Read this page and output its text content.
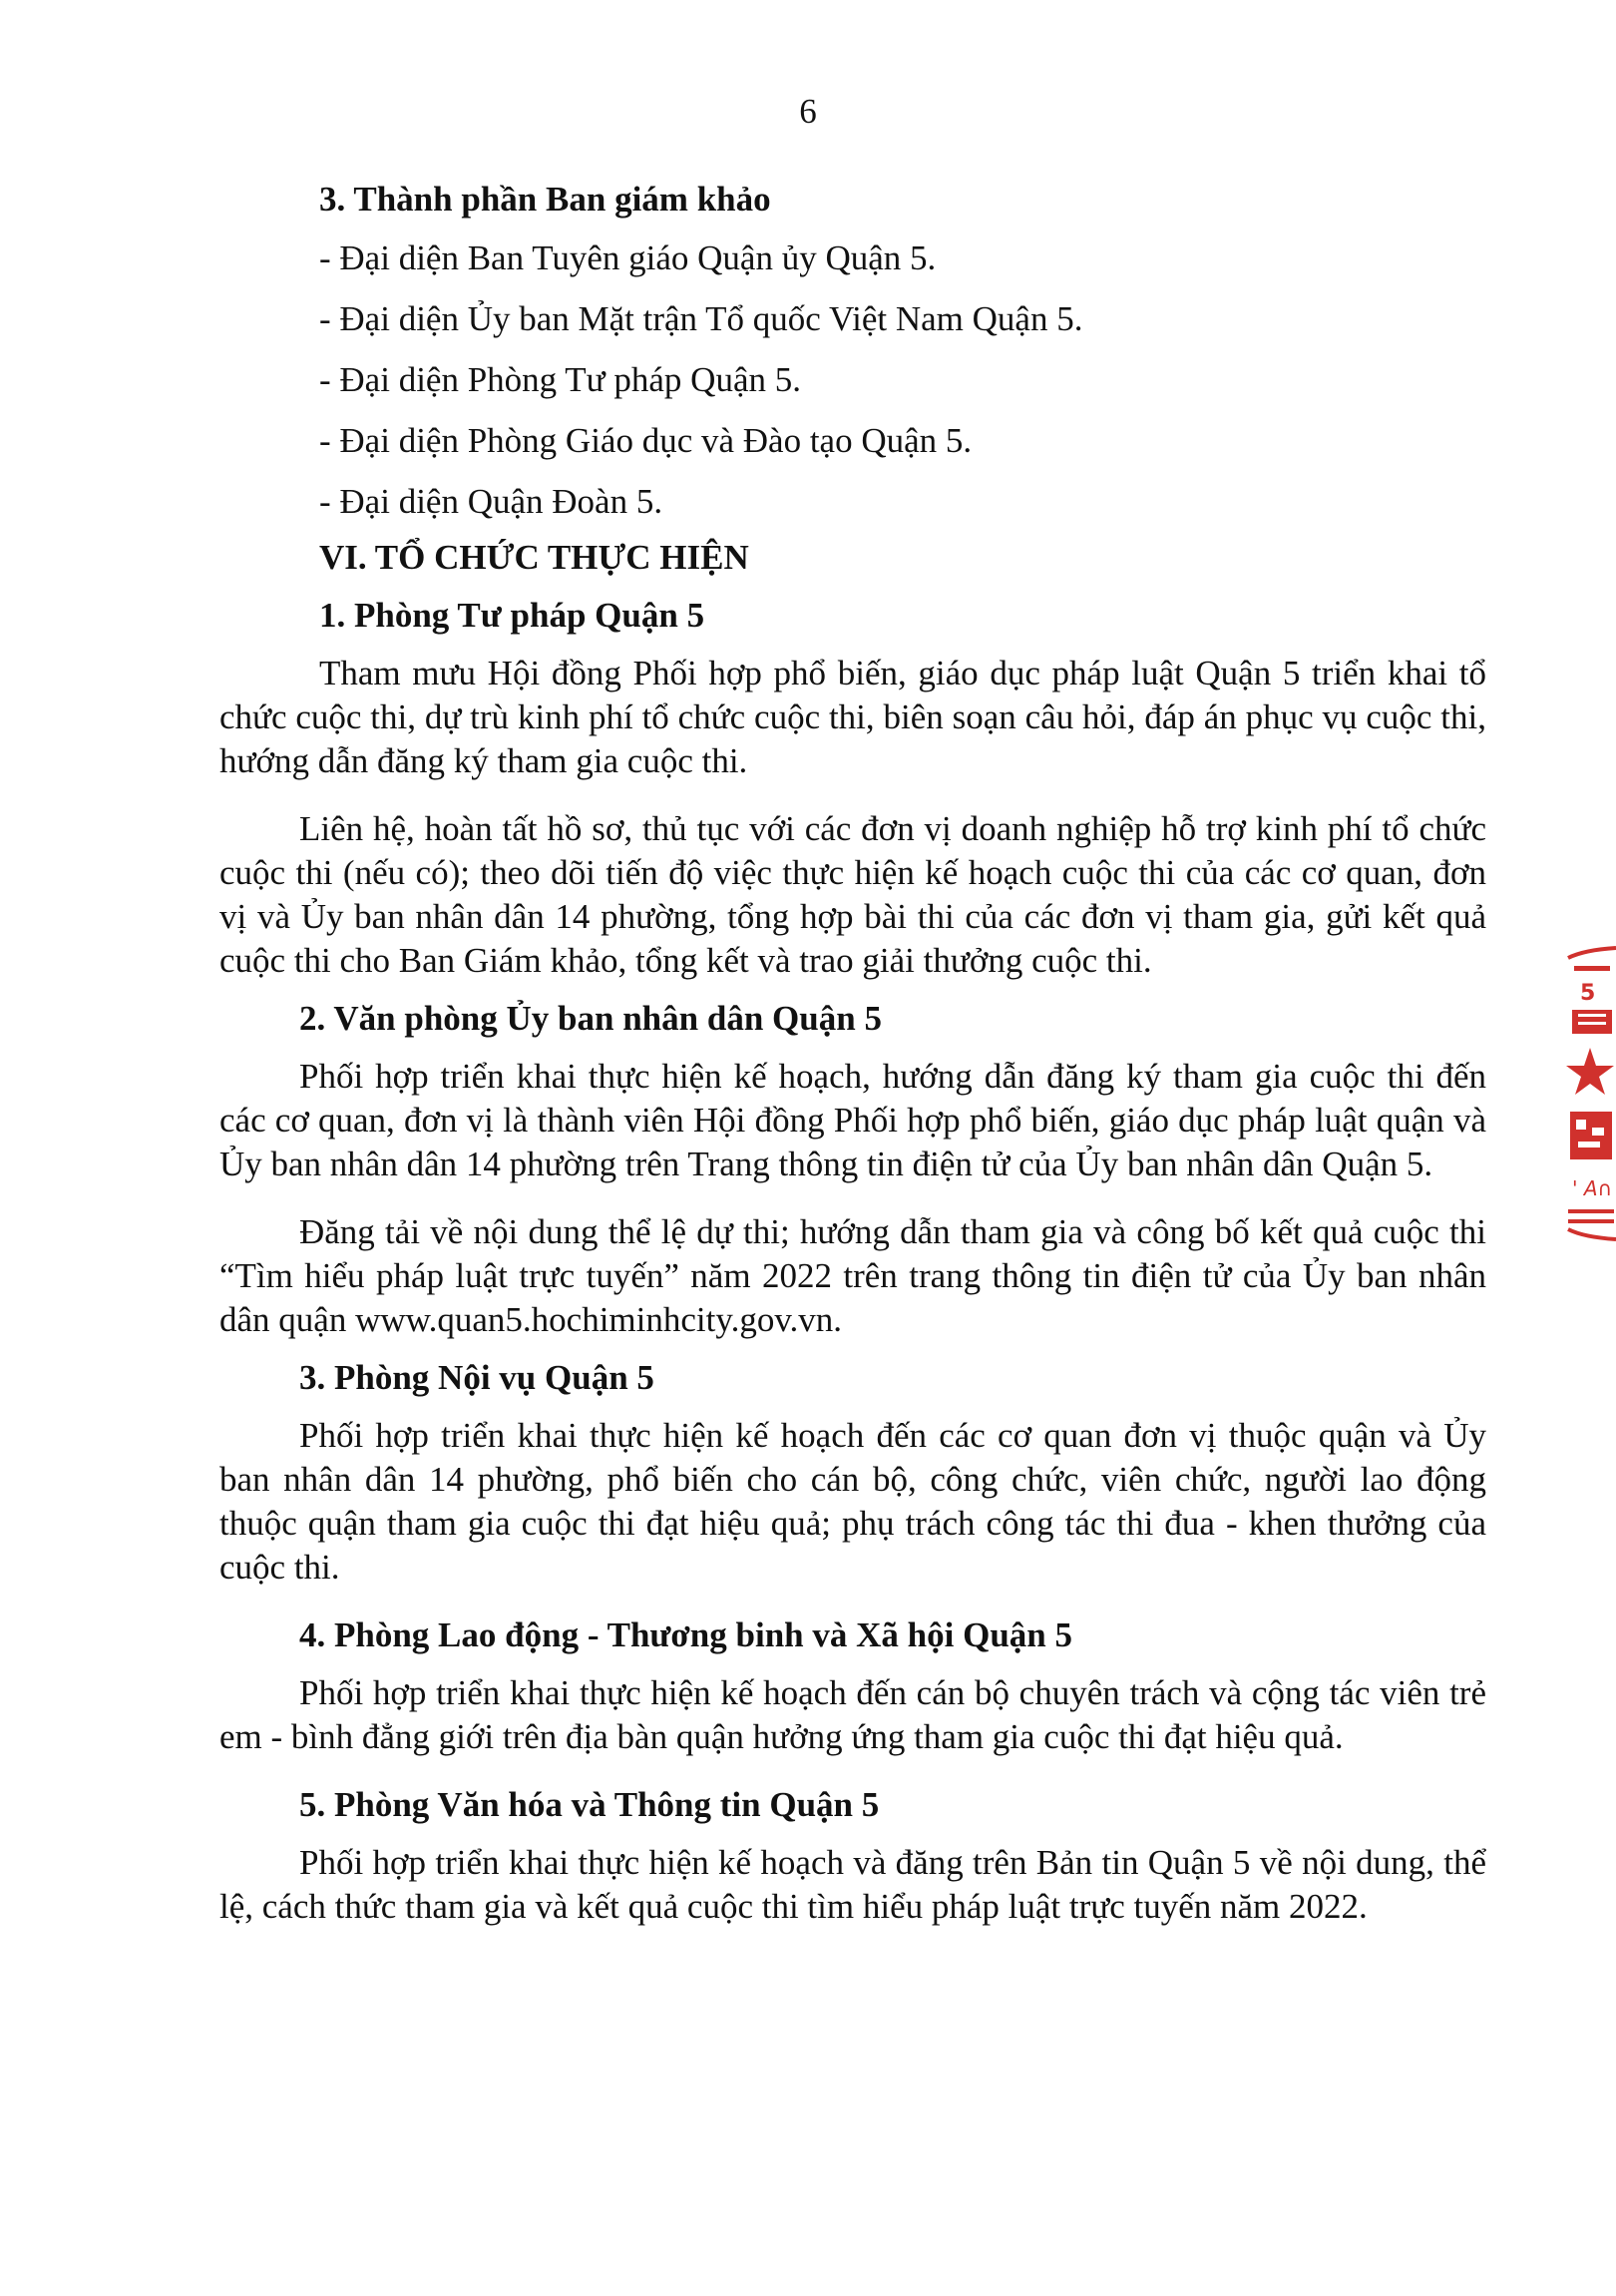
6

3. Thành phần Ban giám khảo

- Đại diện Ban Tuyên giáo Quận ủy Quận 5.

- Đại diện Ủy ban Mặt trận Tổ quốc Việt Nam Quận 5.

- Đại diện Phòng Tư pháp Quận 5.

- Đại diện Phòng Giáo dục và Đào tạo Quận 5.

- Đại diện Quận Đoàn 5.

VI. TỔ CHỨC THỰC HIỆN

1. Phòng Tư pháp Quận 5

Tham mưu Hội đồng Phối hợp phổ biến, giáo dục pháp luật Quận 5 triển khai tổ chức cuộc thi, dự trù kinh phí tổ chức cuộc thi, biên soạn câu hỏi, đáp án phục vụ cuộc thi, hướng dẫn đăng ký tham gia cuộc thi.

Liên hệ, hoàn tất hồ sơ, thủ tục với các đơn vị doanh nghiệp hỗ trợ kinh phí tổ chức cuộc thi (nếu có); theo dõi tiến độ việc thực hiện kế hoạch cuộc thi của các cơ quan, đơn vị và Ủy ban nhân dân 14 phường, tổng hợp bài thi của các đơn vị tham gia, gửi kết quả cuộc thi cho Ban Giám khảo, tổng kết và trao giải thưởng cuộc thi.

2. Văn phòng Ủy ban nhân dân Quận 5

Phối hợp triển khai thực hiện kế hoạch, hướng dẫn đăng ký tham gia cuộc thi đến các cơ quan, đơn vị là thành viên Hội đồng Phối hợp phổ biến, giáo dục pháp luật quận và Ủy ban nhân dân 14 phường trên Trang thông tin điện tử của Ủy ban nhân dân Quận 5.

Đăng tải về nội dung thể lệ dự thi; hướng dẫn tham gia và công bố kết quả cuộc thi “Tìm hiểu pháp luật trực tuyến” năm 2022 trên trang thông tin điện tử của Ủy ban nhân dân quận www.quan5.hochiminhcity.gov.vn.

3. Phòng Nội vụ Quận 5

Phối hợp triển khai thực hiện kế hoạch đến các cơ quan đơn vị thuộc quận và Ủy ban nhân dân 14 phường, phổ biến cho cán bộ, công chức, viên chức, người lao động thuộc quận tham gia cuộc thi đạt hiệu quả; phụ trách công tác thi đua - khen thưởng của cuộc thi.

4. Phòng Lao động - Thương binh và Xã hội Quận 5

Phối hợp triển khai thực hiện kế hoạch đến cán bộ chuyên trách và cộng tác viên trẻ em - bình đẳng giới trên địa bàn quận hưởng ứng tham gia cuộc thi đạt hiệu quả.

5. Phòng Văn hóa và Thông tin Quận 5

Phối hợp triển khai thực hiện kế hoạch và đăng trên Bản tin Quận 5 về nội dung, thể lệ, cách thức tham gia và kết quả cuộc thi tìm hiểu pháp luật trực tuyến năm 2022.

5
' A∩
